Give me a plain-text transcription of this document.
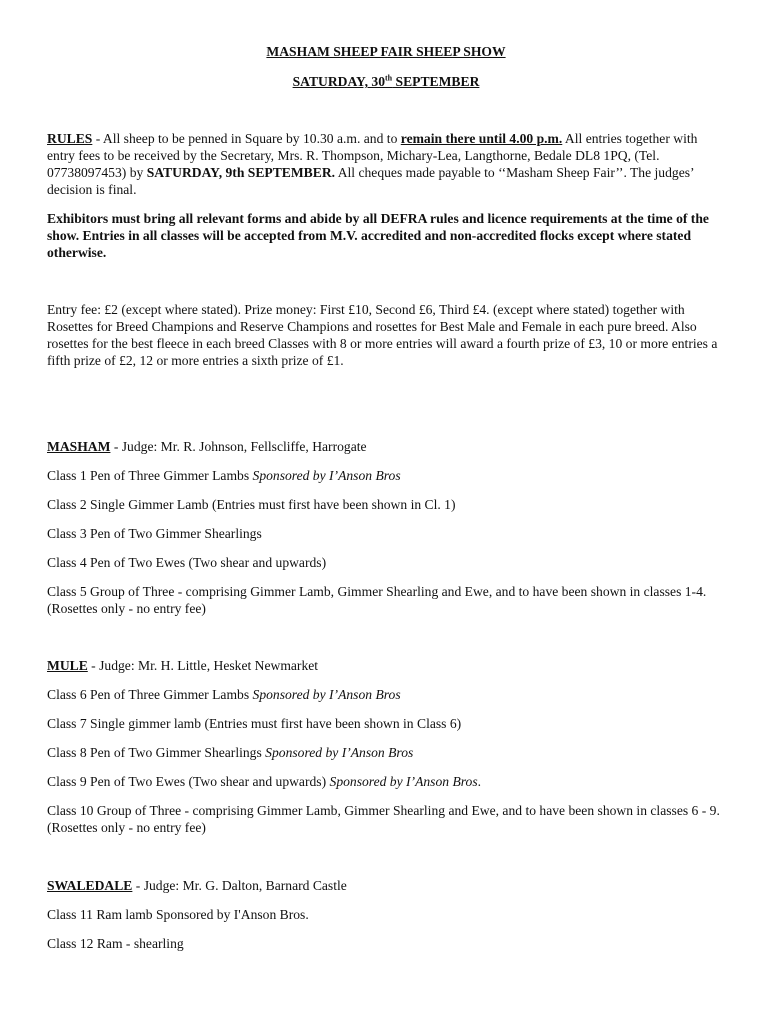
MASHAM SHEEP FAIR SHEEP SHOW
SATURDAY, 30th SEPTEMBER

RULES - All sheep to be penned in Square by 10.30 a.m. and to remain there until 4.00 p.m. All entries together with entry fees to be received by the Secretary, Mrs. R. Thompson, Michary-Lea, Langthorne, Bedale DL8 1PQ, (Tel. 07738097453) by SATURDAY, 9th SEPTEMBER. All cheques made payable to ‘‘Masham Sheep Fair’’. The judges’ decision is final.

Exhibitors must bring all relevant forms and abide by all DEFRA rules and licence requirements at the time of the show. Entries in all classes will be accepted from M.V. accredited and non-accredited flocks except where stated otherwise.

Entry fee: £2 (except where stated). Prize money: First £10, Second £6, Third £4. (except where stated) together with Rosettes for Breed Champions and Reserve Champions and rosettes for Best Male and Female in each pure breed. Also rosettes for the best fleece in each breed Classes with 8 or more entries will award a fourth prize of £3, 10 or more entries a fifth prize of £2, 12 or more entries a sixth prize of £1.

MASHAM - Judge: Mr. R. Johnson, Fellscliffe, Harrogate

Class 1 Pen of Three Gimmer Lambs Sponsored by I’Anson Bros

Class 2 Single Gimmer Lamb (Entries must first have been shown in Cl. 1)

Class 3 Pen of Two Gimmer Shearlings

Class 4 Pen of Two Ewes (Two shear and upwards)

Class 5 Group of Three - comprising Gimmer Lamb, Gimmer Shearling and Ewe, and to have been shown in classes 1-4. (Rosettes only - no entry fee)

MULE - Judge: Mr. H. Little, Hesket Newmarket

Class 6 Pen of Three Gimmer Lambs Sponsored by I’Anson Bros

Class 7 Single gimmer lamb (Entries must first have been shown in Class 6)

Class 8 Pen of Two Gimmer Shearlings Sponsored by I’Anson Bros

Class 9 Pen of Two Ewes (Two shear and upwards) Sponsored by I’Anson Bros.

Class 10 Group of Three - comprising Gimmer Lamb, Gimmer Shearling and Ewe, and to have been shown in classes 6 - 9. (Rosettes only - no entry fee)

SWALEDALE - Judge: Mr. G. Dalton, Barnard Castle

Class 11 Ram lamb Sponsored by I'Anson Bros.

Class 12 Ram - shearling
